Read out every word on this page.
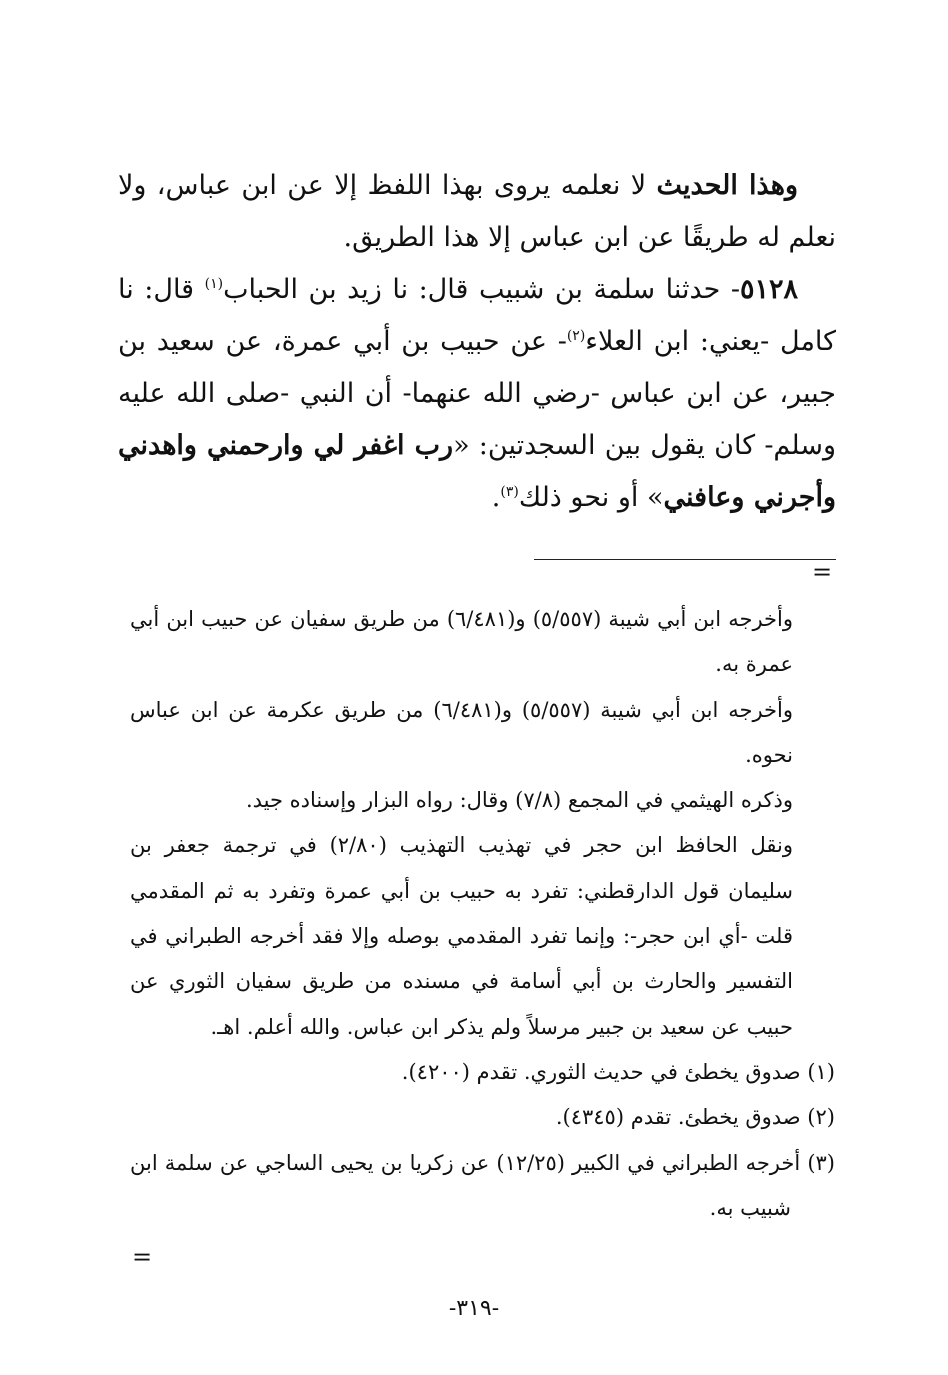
وهذا الحديث لا نعلمه يروى بهذا اللفظ إلا عن ابن عباس، ولا نعلم له طريقًا عن ابن عباس إلا هذا الطريق.

٥١٢٨- حدثنا سلمة بن شبيب قال: نا زيد بن الحباب$^{(١)}$ قال: نا كامل -يعني: ابن العلاء$^{(٢)}$- عن حبيب بن أبي عمرة، عن سعيد بن جبير، عن ابن عباس -رضي الله عنهما- أن النبي -صلى الله عليه وسلم- كان يقول بين السجدتين: «رب اغفر لي وارحمني واهدني وأجرني وعافني» أو نحو ذلك$^{(٣)}$.

=

وأخرجه ابن أبي شيبة (٥/٥٥٧) و(٦/٤٨١) من طريق سفيان عن حبيب ابن أبي عمرة به.

وأخرجه ابن أبي شيبة (٥/٥٥٧) و(٦/٤٨١) من طريق عكرمة عن ابن عباس نحوه.

وذكره الهيثمي في المجمع (٧/٨) وقال: رواه البزار وإسناده جيد.

ونقل الحافظ ابن حجر في تهذيب التهذيب (٢/٨٠) في ترجمة جعفر بن سليمان قول الدارقطني: تفرد به حبيب بن أبي عمرة وتفرد به ثم المقدمي قلت -أي ابن حجر-: وإنما تفرد المقدمي بوصله وإلا فقد أخرجه الطبراني في التفسير والحارث بن أبي أسامة في مسنده من طريق سفيان الثوري عن حبيب عن سعيد بن جبير مرسلاً ولم يذكر ابن عباس. والله أعلم. اهـ.

(١) صدوق يخطئ في حديث الثوري. تقدم (٤٢٠٠).

(٢) صدوق يخطئ. تقدم (٤٣٤٥).

(٣) أخرجه الطبراني في الكبير (١٢/٢٥) عن زكريا بن يحيى الساجي عن سلمة ابن شبيب به.

=
-٣١٩-
